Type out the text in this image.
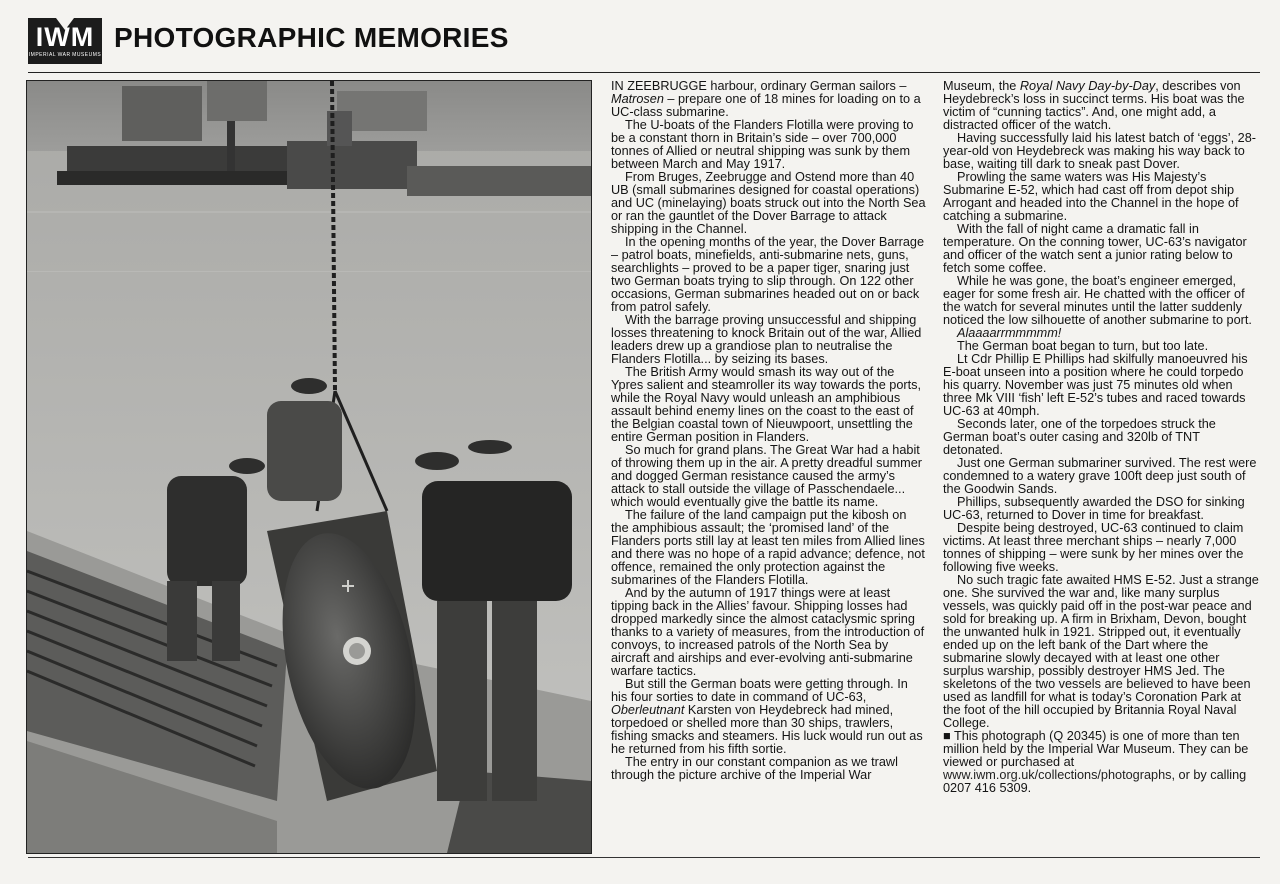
IWM
IMPERIAL WAR MUSEUMS
PHOTOGRAPHIC MEMORIES

IN ZEEBRUGGE harbour, ordinary German sailors – Matrosen – prepare one of 18 mines for loading on to a UC-class submarine.

The U-boats of the Flanders Flotilla were proving to be a constant thorn in Britain’s side – over 700,000 tonnes of Allied or neutral shipping was sunk by them between March and May 1917.

From Bruges, Zeebrugge and Ostend more than 40 UB (small submarines designed for coastal operations) and UC (minelaying) boats struck out into the North Sea or ran the gauntlet of the Dover Barrage to attack shipping in the Channel.

In the opening months of the year, the Dover Barrage – patrol boats, minefields, anti-submarine nets, guns, searchlights – proved to be a paper tiger, snaring just two German boats trying to slip through. On 122 other occasions, German submarines headed out on or back from patrol safely.

With the barrage proving unsuccessful and shipping losses threatening to knock Britain out of the war, Allied leaders drew up a grandiose plan to neutralise the Flanders Flotilla... by seizing its bases.

The British Army would smash its way out of the Ypres salient and steamroller its way towards the ports, while the Royal Navy would unleash an amphibious assault behind enemy lines on the coast to the east of the Belgian coastal town of Nieuwpoort, unsettling the entire German position in Flanders.

So much for grand plans. The Great War had a habit of throwing them up in the air. A pretty dreadful summer and dogged German resistance caused the army’s attack to stall outside the village of Passchendaele... which would eventually give the battle its name.

The failure of the land campaign put the kibosh on the amphibious assault; the ‘promised land’ of the Flanders ports still lay at least ten miles from Allied lines and there was no hope of a rapid advance; defence, not offence, remained the only protection against the submarines of the Flanders Flotilla.

And by the autumn of 1917 things were at least tipping back in the Allies’ favour. Shipping losses had dropped markedly since the almost cataclysmic spring thanks to a variety of measures, from the introduction of convoys, to increased patrols of the North Sea by aircraft and airships and ever-evolving anti-submarine warfare tactics.

But still the German boats were getting through. In his four sorties to date in command of UC-63, Oberleutnant Karsten von Heydebreck had mined, torpedoed or shelled more than 30 ships, trawlers, fishing smacks and steamers. His luck would run out as he returned from his fifth sortie.

The entry in our constant companion as we trawl through the picture archive of the Imperial War

Museum, the Royal Navy Day-by-Day, describes von Heydebreck’s loss in succinct terms. His boat was the victim of “cunning tactics”. And, one might add, a distracted officer of the watch.

Having successfully laid his latest batch of ‘eggs’, 28-year-old von Heydebreck was making his way back to base, waiting till dark to sneak past Dover.

Prowling the same waters was His Majesty’s Submarine E-52, which had cast off from depot ship Arrogant and headed into the Channel in the hope of catching a submarine.

With the fall of night came a dramatic fall in temperature. On the conning tower, UC-63’s navigator and officer of the watch sent a junior rating below to fetch some coffee.

While he was gone, the boat’s engineer emerged, eager for some fresh air. He chatted with the officer of the watch for several minutes until the latter suddenly noticed the low silhouette of another submarine to port.

Alaaaarrmmmmm!

The German boat began to turn, but too late.

Lt Cdr Phillip E Phillips had skilfully manoeuvred his E-boat unseen into a position where he could torpedo his quarry. November was just 75 minutes old when three Mk VIII ‘fish’ left E-52’s tubes and raced towards UC-63 at 40mph.

Seconds later, one of the torpedoes struck the German boat’s outer casing and 320lb of TNT detonated.

Just one German submariner survived. The rest were condemned to a watery grave 100ft deep just south of the Goodwin Sands.

Phillips, subsequently awarded the DSO for sinking UC-63, returned to Dover in time for breakfast.

Despite being destroyed, UC-63 continued to claim victims. At least three merchant ships – nearly 7,000 tonnes of shipping – were sunk by her mines over the following five weeks.

No such tragic fate awaited HMS E-52. Just a strange one. She survived the war and, like many surplus vessels, was quickly paid off in the post-war peace and sold for breaking up. A firm in Brixham, Devon, bought the unwanted hulk in 1921. Stripped out, it eventually ended up on the left bank of the Dart where the submarine slowly decayed with at least one other surplus warship, possibly destroyer HMS Jed. The skeletons of the two vessels are believed to have been used as landfill for what is today’s Coronation Park at the foot of the hill occupied by Britannia Royal Naval College.

■ This photograph (Q 20345) is one of more than ten million held by the Imperial War Museum. They can be viewed or purchased at www.iwm.org.uk/collections/photographs, or by calling 0207 416 5309.
